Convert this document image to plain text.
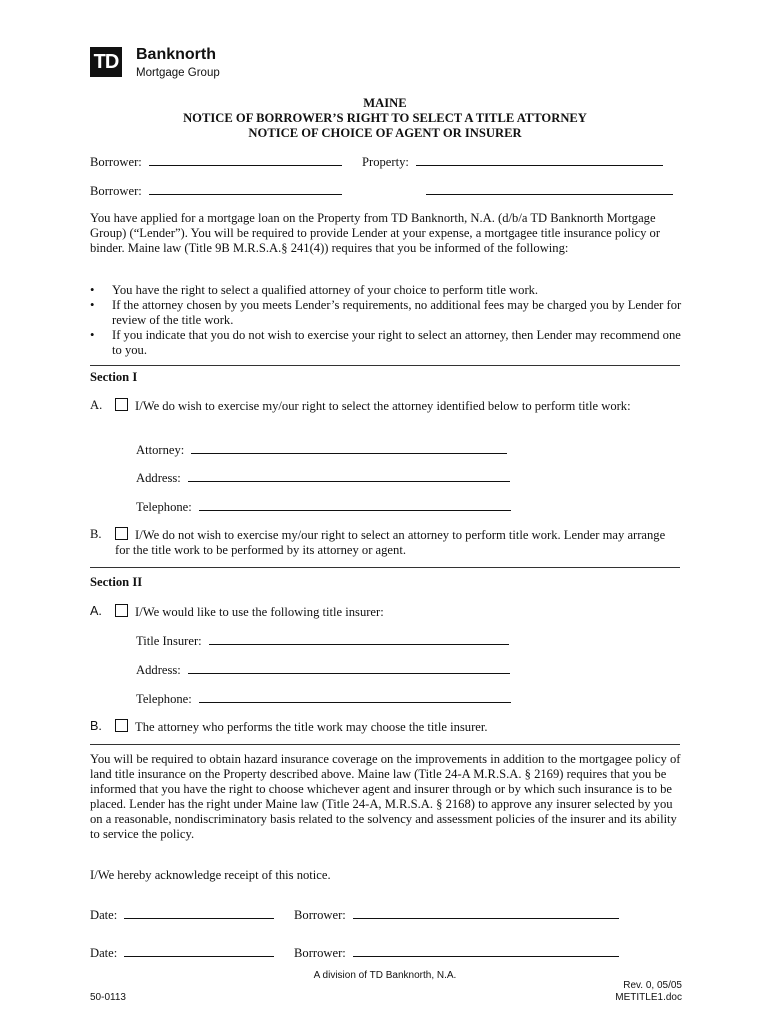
TD Banknorth
Mortgage Group
MAINE
NOTICE OF BORROWER’S RIGHT TO SELECT A TITLE ATTORNEY
NOTICE OF CHOICE OF AGENT OR INSURER
Borrower:	Property:
Borrower:
You have applied for a mortgage loan on the Property from TD Banknorth, N.A. (d/b/a TD Banknorth Mortgage Group) (“Lender”). You will be required to provide Lender at your expense, a mortgagee title insurance policy or binder. Maine law (Title 9B M.R.S.A.§ 241(4)) requires that you be informed of the following:
• You have the right to select a qualified attorney of your choice to perform title work.
• If the attorney chosen by you meets Lender’s requirements, no additional fees may be charged you by Lender for review of the title work.
• If you indicate that you do not wish to exercise your right to select an attorney, then Lender may recommend one to you.
Section I
A.	I/We do wish to exercise my/our right to select the attorney identified below to perform title work:
Attorney:
Address:
Telephone:
B.	I/We do not wish to exercise my/our right to select an attorney to perform title work. Lender may arrange for the title work to be performed by its attorney or agent.
Section II
A.	I/We would like to use the following title insurer:
Title Insurer:
Address:
Telephone:
B.	The attorney who performs the title work may choose the title insurer.
You will be required to obtain hazard insurance coverage on the improvements in addition to the mortgagee policy of land title insurance on the Property described above. Maine law (Title 24-A M.R.S.A. § 2169) requires that you be informed that you have the right to choose whichever agent and insurer through or by which such insurance is to be placed. Lender has the right under Maine law (Title 24-A, M.R.S.A. § 2168) to approve any insurer selected by you on a reasonable, nondiscriminatory basis related to the solvency and assessment policies of the insurer and its ability to service the policy.
I/We hereby acknowledge receipt of this notice.
Date:	Borrower:
Date:	Borrower:
A division of TD Banknorth, N.A.
50-0113
Rev. 0, 05/05
METITLE1.doc
